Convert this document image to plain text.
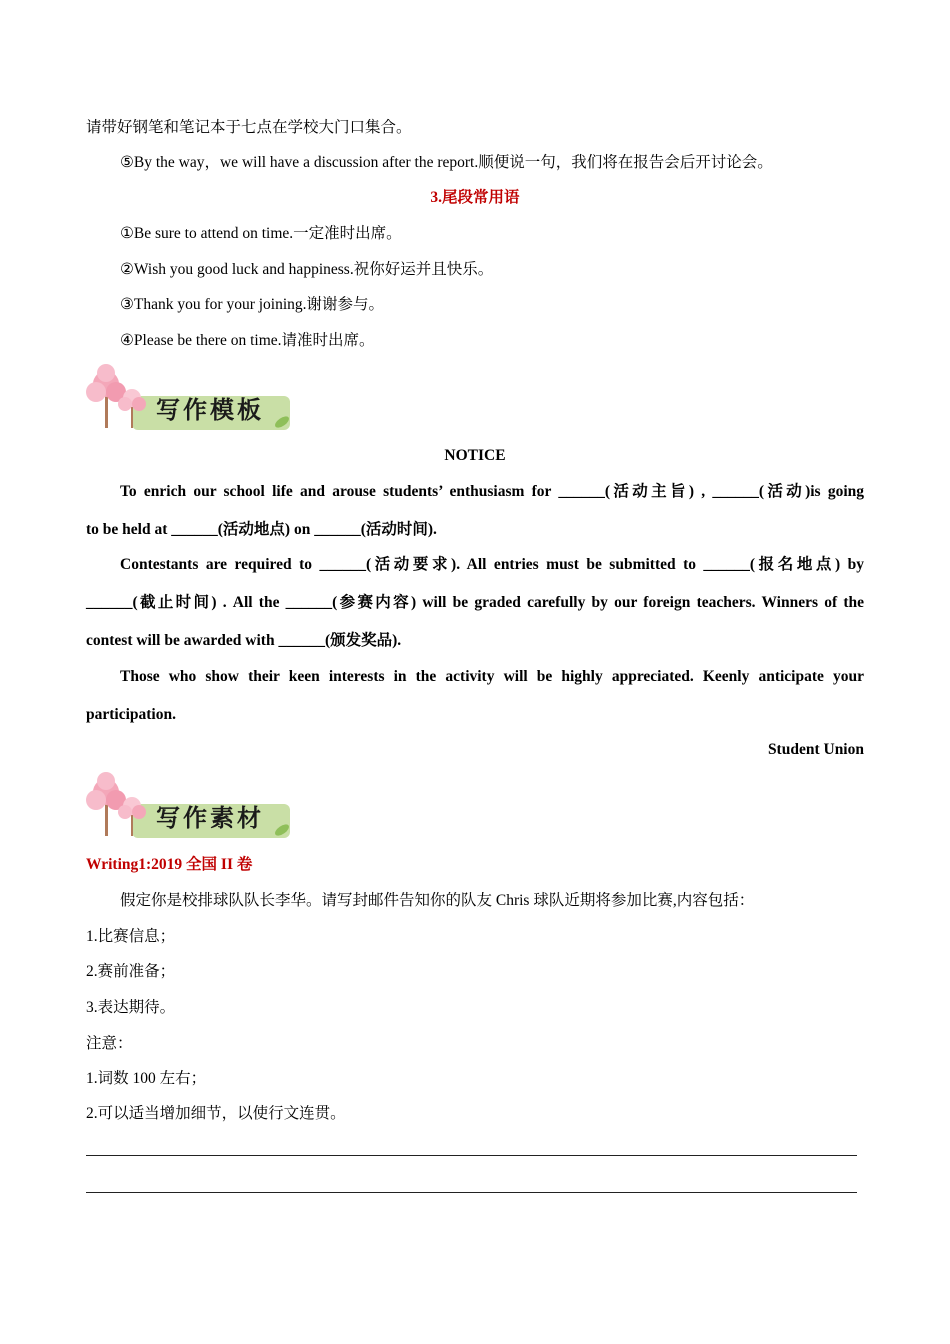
请带好钢笔和笔记本于七点在学校大门口集合。
⑤By the way，we will have a discussion after the report.顺便说一句，我们将在报告会后开讨论会。
3.尾段常用语
①Be sure to attend on time.一定准时出席。
②Wish you good luck and happiness.祝你好运并且快乐。
③Thank you for your joining.谢谢参与。
④Please be there on time.请准时出席。
写作模板
NOTICE
To enrich our school life and arouse students’ enthusiasm for ______(活动主旨) , ______(活动)is going
to be held at ______(活动地点) on ______(活动时间).
Contestants are required to ______(活动要求). All entries must be submitted to ______(报名地点) by
______(截止时间) . All the ______(参赛内容) will be graded carefully by our foreign teachers. Winners of the
contest will be awarded with ______(颁发奖品).
Those who show their keen interests in the activity will be highly appreciated. Keenly anticipate your
participation.
Student Union
写作素材
Writing1:2019 全国 II 卷
假定你是校排球队队长李华。请写封邮件告知你的队友 Chris 球队近期将参加比赛,内容包括：
1.比赛信息；
2.赛前准备；
3.表达期待。
注意：
1.词数 100 左右；
2.可以适当增加细节，以使行文连贯。
